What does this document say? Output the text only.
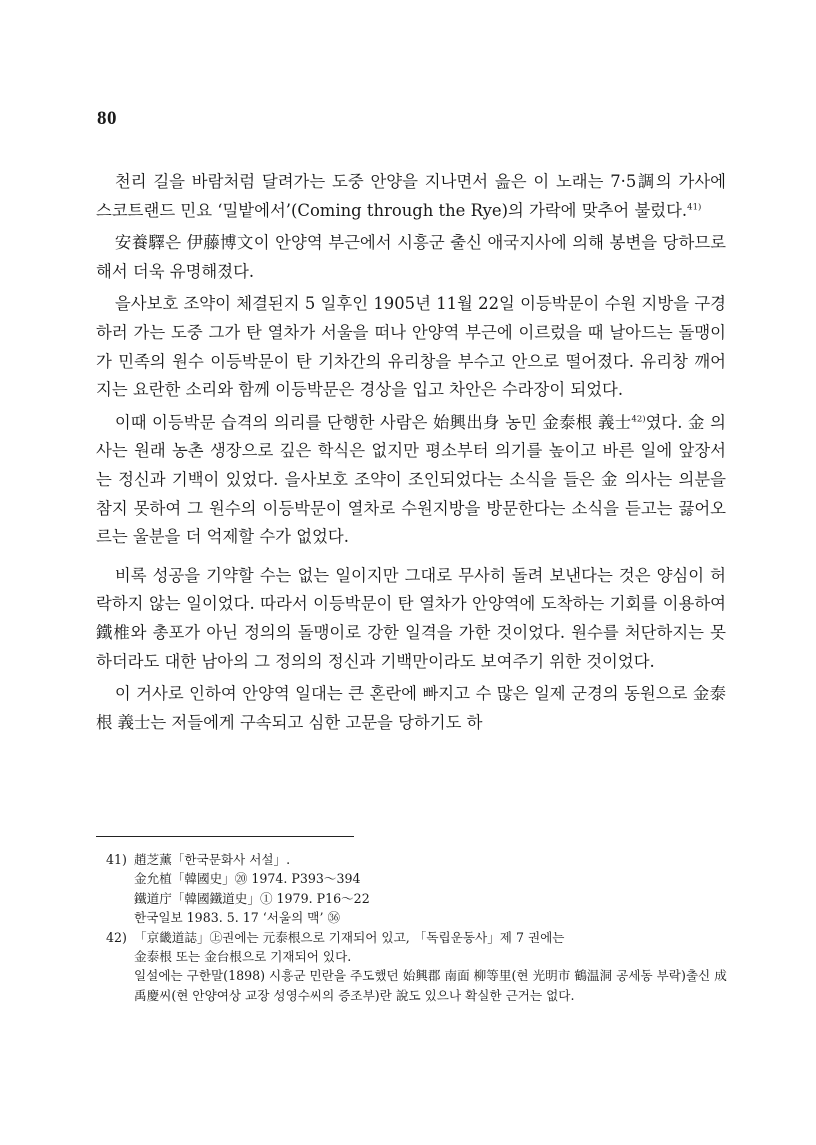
80

천리 길을 바람처럼 달려가는 도중 안양을 지나면서 읊은 이 노래는 7·5調의 가사에 스코트랜드 민요 ‘밀밭에서’(Coming through the Rye)의 가락에 맞추어 불렀다.$^{41)}$

安養驛은 伊藤博文이 안양역 부근에서 시흥군 출신 애국지사에 의해 봉변을 당하므로 해서 더욱 유명해졌다.

을사보호 조약이 체결된지 5 일후인 1905년 11월 22일 이등박문이 수원 지방을 구경하러 가는 도중 그가 탄 열차가 서울을 떠나 안양역 부근에 이르렀을 때 날아드는 돌맹이가 민족의 원수 이등박문이 탄 기차간의 유리창을 부수고 안으로 떨어졌다. 유리창 깨어지는 요란한 소리와 함께 이등박문은 경상을 입고 차안은 수라장이 되었다.

이때 이등박문 습격의 의리를 단행한 사람은 始興出身 농민 金泰根 義士$^{42)}$였다. 金 의사는 원래 농촌 생장으로 깊은 학식은 없지만 평소부터 의기를 높이고 바른 일에 앞장서는 정신과 기백이 있었다. 을사보호 조약이 조인되었다는 소식을 들은 金 의사는 의분을 참지 못하여 그 원수의 이등박문이 열차로 수원지방을 방문한다는 소식을 듣고는 끓어오르는 울분을 더 억제할 수가 없었다.

비록 성공을 기약할 수는 없는 일이지만 그대로 무사히 돌려 보낸다는 것은 양심이 허락하지 않는 일이었다. 따라서 이등박문이 탄 열차가 안양역에 도착하는 기회를 이용하여 鐵椎와 총포가 아닌 정의의 돌맹이로 강한 일격을 가한 것이었다. 원수를 처단하지는 못하더라도 대한 남아의 그 정의의 정신과 기백만이라도 보여주기 위한 것이었다.

이 거사로 인하여 안양역 일대는 큰 혼란에 빠지고 수 많은 일제 군경의 동원으로 金泰根 義士는 저들에게 구속되고 심한 고문을 당하기도 하

41) 趙芝薰「한국문화사 서설」.
金允植「韓國史」⑳ 1974. P393～394
鐵道庁「韓國鐵道史」① 1979. P16～22
한국일보 1983. 5. 17 ‘서울의 맥’ ㊱
42) 「京畿道誌」㊤권에는 元泰根으로 기재되어 있고, 「독립운동사」제 7 권에는
金泰根 또는 金台根으로 기재되어 있다.
일설에는 구한말(1898) 시흥군 민란을 주도했던 始興郡 南面 柳等里(현 光明市 鶴温洞 공세동 부락)출신 成禹慶씨(현 안양여상 교장 성영수씨의 증조부)란 說도 있으나 확실한 근거는 없다.
